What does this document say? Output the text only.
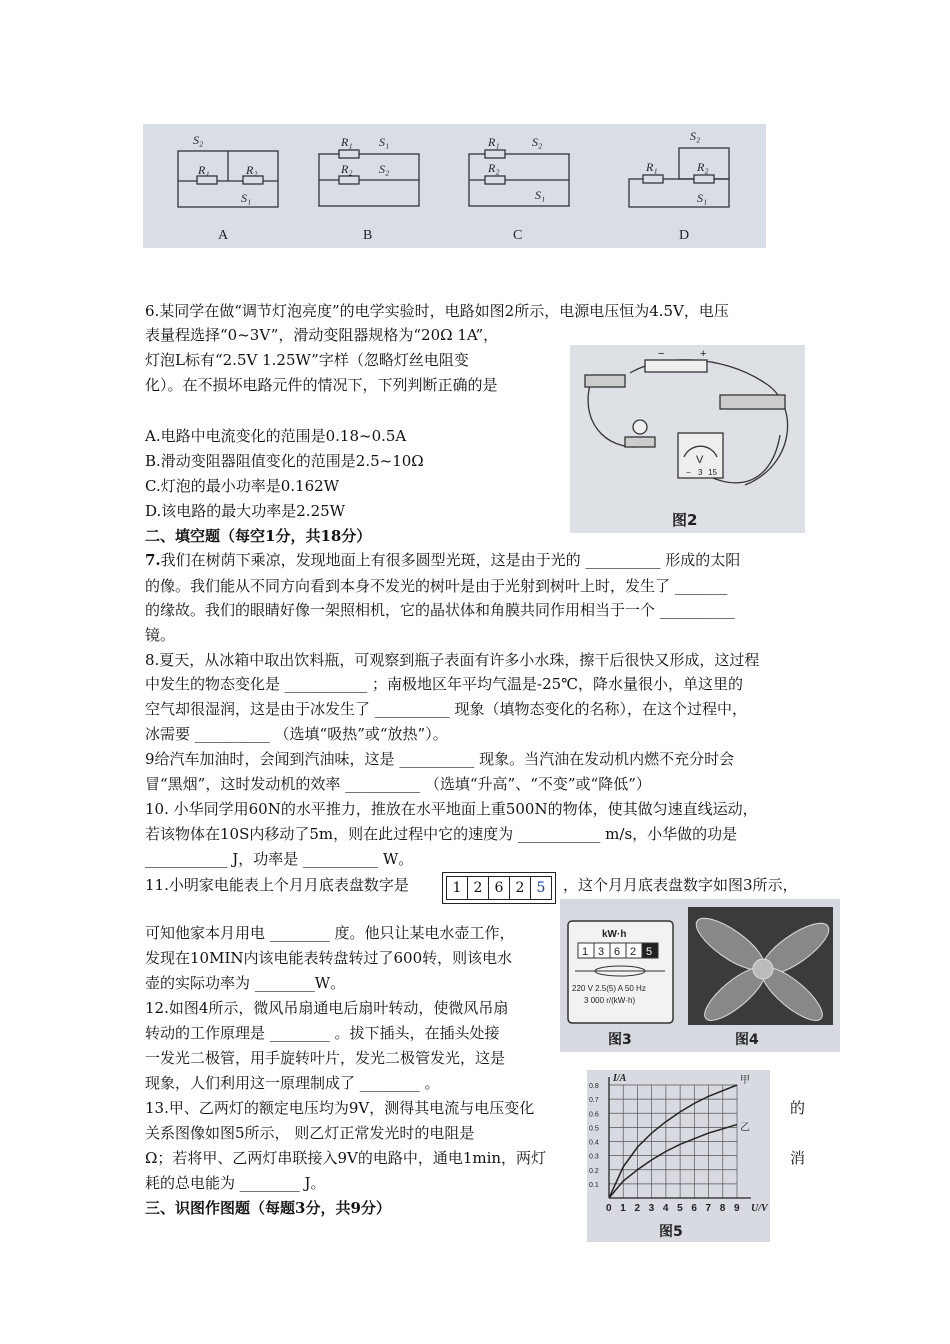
R₁	R₂
S₂
S₁
R₁
R₂
S₁
S₂
R₁
R₂
S₂
S₁
R₁	R₂
S₂
S₁
A	B	C	D
6.某同学在做“调节灯泡亮度”的电学实验时，电路如图2所示，电源电压恒为4.5V，电压
表量程选择“0~3V”，滑动变阻器规格为“20Ω 1A”，
灯泡L标有“2.5V 1.25W”字样（忽略灯丝电阻变
化）。在不损坏电路元件的情况下，下列判断正确的是
A.电路中电流变化的范围是0.18~0.5A
B.滑动变阻器阻值变化的范围是2.5~10Ω
C.灯泡的最小功率是0.162W
D.该电路的最大功率是2.25W
−	+
V
− 3 15
图2
二、填空题（每空1分，共18分）
7.我们在树荫下乘凉，发现地面上有很多圆型光斑，这是由于光的 __________ 形成的太阳
的像。我们能从不同方向看到本身不发光的树叶是由于光射到树叶上时，发生了 _______
的缘故。我们的眼睛好像一架照相机，它的晶状体和角膜共同作用相当于一个 __________
镜。
8.夏天，从冰箱中取出饮料瓶，可观察到瓶子表面有许多小水珠，擦干后很快又形成，这过程
中发生的物态变化是 ___________ ；南极地区年平均气温是-25℃，降水量很小，单这里的
空气却很湿润，这是由于冰发生了 __________ 现象（填物态变化的名称），在这个过程中，
冰需要 __________ （选填“吸热”或“放热”）。
9给汽车加油时，会闻到汽油味，这是 __________ 现象。当汽油在发动机内燃不充分时会
冒“黑烟”，这时发动机的效率 __________ （选填“升高”、“不变”或“降低”）
10. 小华同学用60N的水平推力，推放在水平地面上重500N的物体，使其做匀速直线运动，
若该物体在10S内移动了5m，则在此过程中它的速度为 ___________ m/s，小华做的功是
___________ J，功率是 __________ W。
11.小明家电能表上个月月底表盘数字是	1 2 6 2 5	，这个月月底表盘数字如图3所示，
可知他家本月用电 ________ 度。他只让某电水壶工作，
发现在10MIN内该电能表转盘转过了600转，则该电水
壶的实际功率为 ________W。
kW·h
1 3 6 2 5
220 V 2.5(5) A 50 Hz
3 000 r/(kW·h)
图3	图4
12.如图4所示，微风吊扇通电后扇叶转动，使微风吊扇
转动的工作原理是 ________ 。拔下插头，在插头处接
一发光二极管，用手旋转叶片，发光二极管发光，这是
现象，人们利用这一原理制成了 ________ 。
13.甲、乙两灯的额定电压均为9V，测得其电流与电压变化	的
关系图像如图5所示， 则乙灯正常发光时的电阻是
Ω；若将甲、乙两灯串联接入9V的电路中，通电1min，两灯	消
耗的总电能为 ________ J。
三、识图作图题（每题3分，共9分）	0 1 2 3 4 5 6 7 8 9
0.1
0.2
0.3
0.4
0.5
0.6
0.7
0.8
U/V
I/A	甲
乙
图5
